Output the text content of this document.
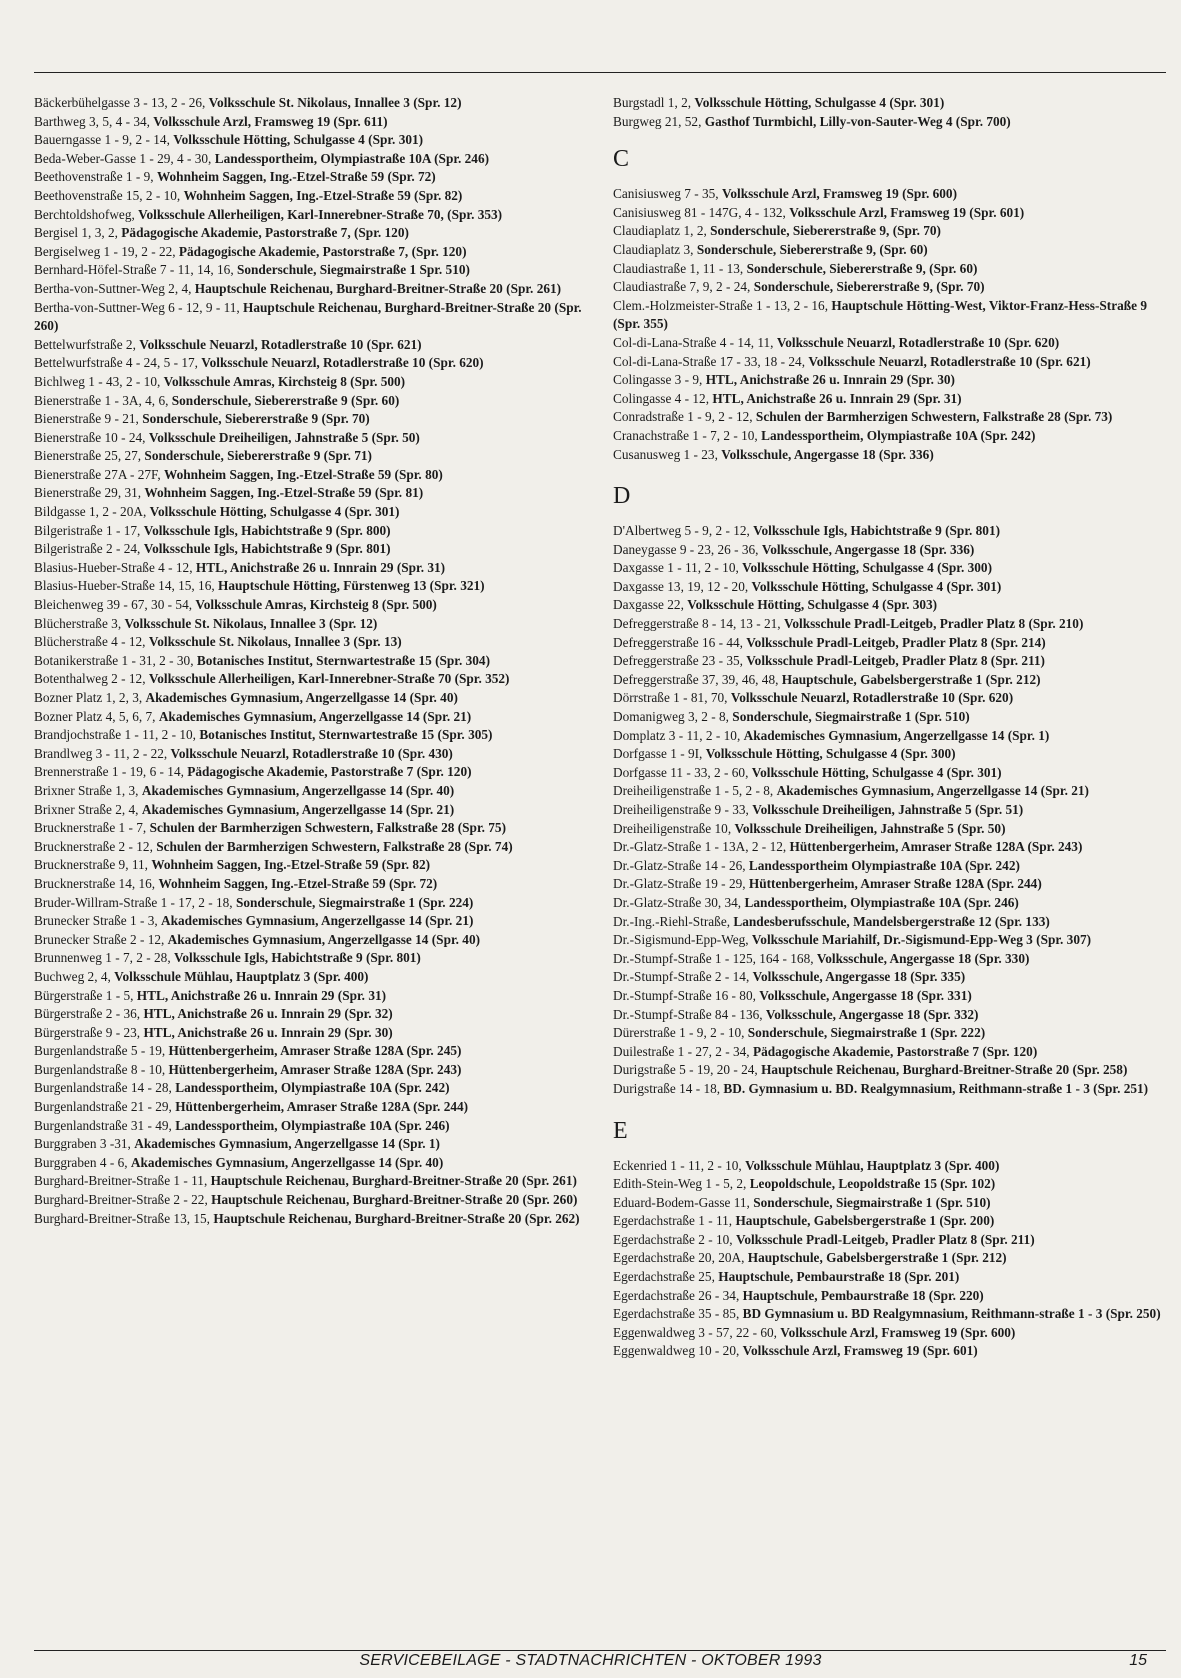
Bäckerbühelgasse 3 - 13, 2 - 26, Volksschule St. Nikolaus, Innallee 3 (Spr. 12)

Barthweg 3, 5, 4 - 34, Volksschule Arzl, Framsweg 19 (Spr. 611)

Bauerngasse 1 - 9, 2 - 14, Volksschule Hötting, Schulgasse 4 (Spr. 301)

Beda-Weber-Gasse 1 - 29, 4 - 30, Landessportheim, Olympiastraße 10A (Spr. 246)

Beethovenstraße 1 - 9, Wohnheim Saggen, Ing.-Etzel-Straße 59 (Spr. 72)

Beethovenstraße 15, 2 - 10, Wohnheim Saggen, Ing.-Etzel-Straße 59 (Spr. 82)

Berchtoldshofweg, Volksschule Allerheiligen, Karl-Innerebner-Straße 70, (Spr. 353)

Bergisel 1, 3, 2, Pädagogische Akademie, Pastorstraße 7, (Spr. 120)

Bergiselweg 1 - 19, 2 - 22, Pädagogische Akademie, Pastorstraße 7, (Spr. 120)

Bernhard-Höfel-Straße 7 - 11, 14, 16, Sonderschule, Siegmairstraße 1 Spr. 510)

Bertha-von-Suttner-Weg 2, 4, Hauptschule Reichenau, Burghard-Breitner-Straße 20 (Spr. 261)

Bertha-von-Suttner-Weg 6 - 12, 9 - 11, Hauptschule Reichenau, Burghard-Breitner-Straße 20 (Spr. 260)

Bettelwurfstraße 2, Volksschule Neuarzl, Rotadlerstraße 10 (Spr. 621)

Bettelwurfstraße 4 - 24, 5 - 17, Volksschule Neuarzl, Rotadlerstraße 10 (Spr. 620)

Bichlweg 1 - 43, 2 - 10, Volksschule Amras, Kirchsteig 8 (Spr. 500)

Bienerstraße 1 - 3A, 4, 6, Sonderschule, Siebererstraße 9 (Spr. 60)

Bienerstraße 9 - 21, Sonderschule, Siebererstraße 9 (Spr. 70)

Bienerstraße 10 - 24, Volksschule Dreiheiligen, Jahnstraße 5 (Spr. 50)

Bienerstraße 25, 27, Sonderschule, Siebererstraße 9 (Spr. 71)

Bienerstraße 27A - 27F, Wohnheim Saggen, Ing.-Etzel-Straße 59 (Spr. 80)

Bienerstraße 29, 31, Wohnheim Saggen, Ing.-Etzel-Straße 59 (Spr. 81)

Bildgasse 1, 2 - 20A, Volksschule Hötting, Schulgasse 4 (Spr. 301)

Bilgeristraße 1 - 17, Volksschule Igls, Habichtstraße 9 (Spr. 800)

Bilgeristraße 2 - 24, Volksschule Igls, Habichtstraße 9 (Spr. 801)

Blasius-Hueber-Straße 4 - 12, HTL, Anichstraße 26 u. Innrain 29 (Spr. 31)

Blasius-Hueber-Straße 14, 15, 16, Hauptschule Hötting, Fürstenweg 13 (Spr. 321)

Bleichenweg 39 - 67, 30 - 54, Volksschule Amras, Kirchsteig 8 (Spr. 500)

Blücherstraße 3, Volksschule St. Nikolaus, Innallee 3 (Spr. 12)

Blücherstraße 4 - 12, Volksschule St. Nikolaus, Innallee 3 (Spr. 13)

Botanikerstraße 1 - 31, 2 - 30, Botanisches Institut, Sternwartestraße 15 (Spr. 304)

Botenthalweg 2 - 12, Volksschule Allerheiligen, Karl-Innerebner-Straße 70 (Spr. 352)

Bozner Platz 1, 2, 3, Akademisches Gymnasium, Angerzellgasse 14 (Spr. 40)

Bozner Platz 4, 5, 6, 7, Akademisches Gymnasium, Angerzellgasse 14 (Spr. 21)

Brandjochstraße 1 - 11, 2 - 10, Botanisches Institut, Sternwartestraße 15 (Spr. 305)

Brandlweg 3 - 11, 2 - 22, Volksschule Neuarzl, Rotadlerstraße 10 (Spr. 430)

Brennerstraße 1 - 19, 6 - 14, Pädagogische Akademie, Pastorstraße 7 (Spr. 120)

Brixner Straße 1, 3, Akademisches Gymnasium, Angerzellgasse 14 (Spr. 40)

Brixner Straße 2, 4, Akademisches Gymnasium, Angerzellgasse 14 (Spr. 21)

Brucknerstraße 1 - 7, Schulen der Barmherzigen Schwestern, Falkstraße 28 (Spr. 75)

Brucknerstraße 2 - 12, Schulen der Barmherzigen Schwestern, Falkstraße 28 (Spr. 74)

Brucknerstraße 9, 11, Wohnheim Saggen, Ing.-Etzel-Straße 59 (Spr. 82)

Brucknerstraße 14, 16, Wohnheim Saggen, Ing.-Etzel-Straße 59 (Spr. 72)

Bruder-Willram-Straße 1 - 17, 2 - 18, Sonderschule, Siegmairstraße 1 (Spr. 224)

Brunecker Straße 1 - 3, Akademisches Gymnasium, Angerzellgasse 14 (Spr. 21)

Brunecker Straße 2 - 12, Akademisches Gymnasium, Angerzellgasse 14 (Spr. 40)

Brunnenweg 1 - 7, 2 - 28, Volksschule Igls, Habichtstraße 9 (Spr. 801)

Buchweg 2, 4, Volksschule Mühlau, Hauptplatz 3 (Spr. 400)

Bürgerstraße 1 - 5, HTL, Anichstraße 26 u. Innrain 29 (Spr. 31)

Bürgerstraße 2 - 36, HTL, Anichstraße 26 u. Innrain 29 (Spr. 32)

Bürgerstraße 9 - 23, HTL, Anichstraße 26 u. Innrain 29 (Spr. 30)

Burgenlandstraße 5 - 19, Hüttenbergerheim, Amraser Straße 128A (Spr. 245)

Burgenlandstraße 8 - 10, Hüttenbergerheim, Amraser Straße 128A (Spr. 243)

Burgenlandstraße 14 - 28, Landessportheim, Olympiastraße 10A (Spr. 242)

Burgenlandstraße 21 - 29, Hüttenbergerheim, Amraser Straße 128A (Spr. 244)

Burgenlandstraße 31 - 49, Landessportheim, Olympiastraße 10A (Spr. 246)

Burggraben 3 -31, Akademisches Gymnasium, Angerzellgasse 14 (Spr. 1)

Burggraben 4 - 6, Akademisches Gymnasium, Angerzellgasse 14 (Spr. 40)

Burghard-Breitner-Straße 1 - 11, Hauptschule Reichenau, Burghard-Breitner-Straße 20 (Spr. 261)

Burghard-Breitner-Straße 2 - 22, Hauptschule Reichenau, Burghard-Breitner-Straße 20 (Spr. 260)

Burghard-Breitner-Straße 13, 15, Hauptschule Reichenau, Burghard-Breitner-Straße 20 (Spr. 262)

Burgstadl 1, 2, Volksschule Hötting, Schulgasse 4 (Spr. 301)

Burgweg 21, 52, Gasthof Turmbichl, Lilly-von-Sauter-Weg 4 (Spr. 700)

C

Canisiusweg 7 - 35, Volksschule Arzl, Framsweg 19 (Spr. 600)

Canisiusweg 81 - 147G, 4 - 132, Volksschule Arzl, Framsweg 19 (Spr. 601)

Claudiaplatz 1, 2, Sonderschule, Siebererstraße 9, (Spr. 70)

Claudiaplatz 3, Sonderschule, Siebererstraße 9, (Spr. 60)

Claudiastraße 1, 11 - 13, Sonderschule, Siebererstraße 9, (Spr. 60)

Claudiastraße 7, 9, 2 - 24, Sonderschule, Siebererstraße 9, (Spr. 70)

Clem.-Holzmeister-Straße 1 - 13, 2 - 16, Hauptschule Hötting-West, Viktor-Franz-Hess-Straße 9 (Spr. 355)

Col-di-Lana-Straße 4 - 14, 11, Volksschule Neuarzl, Rotadlerstraße 10 (Spr. 620)

Col-di-Lana-Straße 17 - 33, 18 - 24, Volksschule Neuarzl, Rotadlerstraße 10 (Spr. 621)

Colingasse 3 - 9, HTL, Anichstraße 26 u. Innrain 29 (Spr. 30)

Colingasse 4 - 12, HTL, Anichstraße 26 u. Innrain 29 (Spr. 31)

Conradstraße 1 - 9, 2 - 12, Schulen der Barmherzigen Schwestern, Falkstraße 28 (Spr. 73)

Cranachstraße 1 - 7, 2 - 10, Landessportheim, Olympiastraße 10A (Spr. 242)

Cusanusweg 1 - 23, Volksschule, Angergasse 18 (Spr. 336)

D

D'Albertweg 5 - 9, 2 - 12, Volksschule Igls, Habichtstraße 9 (Spr. 801)

Daneygasse 9 - 23, 26 - 36, Volksschule, Angergasse 18 (Spr. 336)

Daxgasse 1 - 11, 2 - 10, Volksschule Hötting, Schulgasse 4 (Spr. 300)

Daxgasse 13, 19, 12 - 20, Volksschule Hötting, Schulgasse 4 (Spr. 301)

Daxgasse 22, Volksschule Hötting, Schulgasse 4 (Spr. 303)

Defreggerstraße 8 - 14, 13 - 21, Volksschule Pradl-Leitgeb, Pradler Platz 8 (Spr. 210)

Defreggerstraße 16 - 44, Volksschule Pradl-Leitgeb, Pradler Platz 8 (Spr. 214)

Defreggerstraße 23 - 35, Volksschule Pradl-Leitgeb, Pradler Platz 8 (Spr. 211)

Defreggerstraße 37, 39, 46, 48, Hauptschule, Gabelsbergerstraße 1 (Spr. 212)

Dörrstraße 1 - 81, 70, Volksschule Neuarzl, Rotadlerstraße 10 (Spr. 620)

Domanigweg 3, 2 - 8, Sonderschule, Siegmairstraße 1 (Spr. 510)

Domplatz 3 - 11, 2 - 10, Akademisches Gymnasium, Angerzellgasse 14 (Spr. 1)

Dorfgasse 1 - 9I, Volksschule Hötting, Schulgasse 4 (Spr. 300)

Dorfgasse 11 - 33, 2 - 60, Volksschule Hötting, Schulgasse 4 (Spr. 301)

Dreiheiligenstraße 1 - 5, 2 - 8, Akademisches Gymnasium, Angerzellgasse 14 (Spr. 21)

Dreiheiligenstraße 9 - 33, Volksschule Dreiheiligen, Jahnstraße 5 (Spr. 51)

Dreiheiligenstraße 10, Volksschule Dreiheiligen, Jahnstraße 5 (Spr. 50)

Dr.-Glatz-Straße 1 - 13A, 2 - 12, Hüttenbergerheim, Amraser Straße 128A (Spr. 243)

Dr.-Glatz-Straße 14 - 26, Landessportheim Olympiastraße 10A (Spr. 242)

Dr.-Glatz-Straße 19 - 29, Hüttenbergerheim, Amraser Straße 128A (Spr. 244)

Dr.-Glatz-Straße 30, 34, Landessportheim, Olympiastraße 10A (Spr. 246)

Dr.-Ing.-Riehl-Straße, Landesberufsschule, Mandelsbergerstraße 12 (Spr. 133)

Dr.-Sigismund-Epp-Weg, Volksschule Mariahilf, Dr.-Sigismund-Epp-Weg 3 (Spr. 307)

Dr.-Stumpf-Straße 1 - 125, 164 - 168, Volksschule, Angergasse 18 (Spr. 330)

Dr.-Stumpf-Straße 2 - 14, Volksschule, Angergasse 18 (Spr. 335)

Dr.-Stumpf-Straße 16 - 80, Volksschule, Angergasse 18 (Spr. 331)

Dr.-Stumpf-Straße 84 - 136, Volksschule, Angergasse 18 (Spr. 332)

Dürerstraße 1 - 9, 2 - 10, Sonderschule, Siegmairstraße 1 (Spr. 222)

Duilestraße 1 - 27, 2 - 34, Pädagogische Akademie, Pastorstraße 7 (Spr. 120)

Durigstraße 5 - 19, 20 - 24, Hauptschule Reichenau, Burghard-Breitner-Straße 20 (Spr. 258)

Durigstraße 14 - 18, BD. Gymnasium u. BD. Realgymnasium, Reithmann-straße 1 - 3 (Spr. 251)

E

Eckenried 1 - 11, 2 - 10, Volksschule Mühlau, Hauptplatz 3 (Spr. 400)

Edith-Stein-Weg 1 - 5, 2, Leopoldschule, Leopoldstraße 15 (Spr. 102)

Eduard-Bodem-Gasse 11, Sonderschule, Siegmairstraße 1 (Spr. 510)

Egerdachstraße 1 - 11, Hauptschule, Gabelsbergerstraße 1 (Spr. 200)

Egerdachstraße 2 - 10, Volksschule Pradl-Leitgeb, Pradler Platz 8 (Spr. 211)

Egerdachstraße 20, 20A, Hauptschule, Gabelsbergerstraße 1 (Spr. 212)

Egerdachstraße 25, Hauptschule, Pembaurstraße 18 (Spr. 201)

Egerdachstraße 26 - 34, Hauptschule, Pembaurstraße 18 (Spr. 220)

Egerdachstraße 35 - 85, BD Gymnasium u. BD Realgymnasium, Reithmann-straße 1 - 3 (Spr. 250)

Eggenwaldweg 3 - 57, 22 - 60, Volksschule Arzl, Framsweg 19 (Spr. 600)

Eggenwaldweg 10 - 20, Volksschule Arzl, Framsweg 19 (Spr. 601)

SERVICEBEILAGE - STADTNACHRICHTEN - OKTOBER 1993	15
